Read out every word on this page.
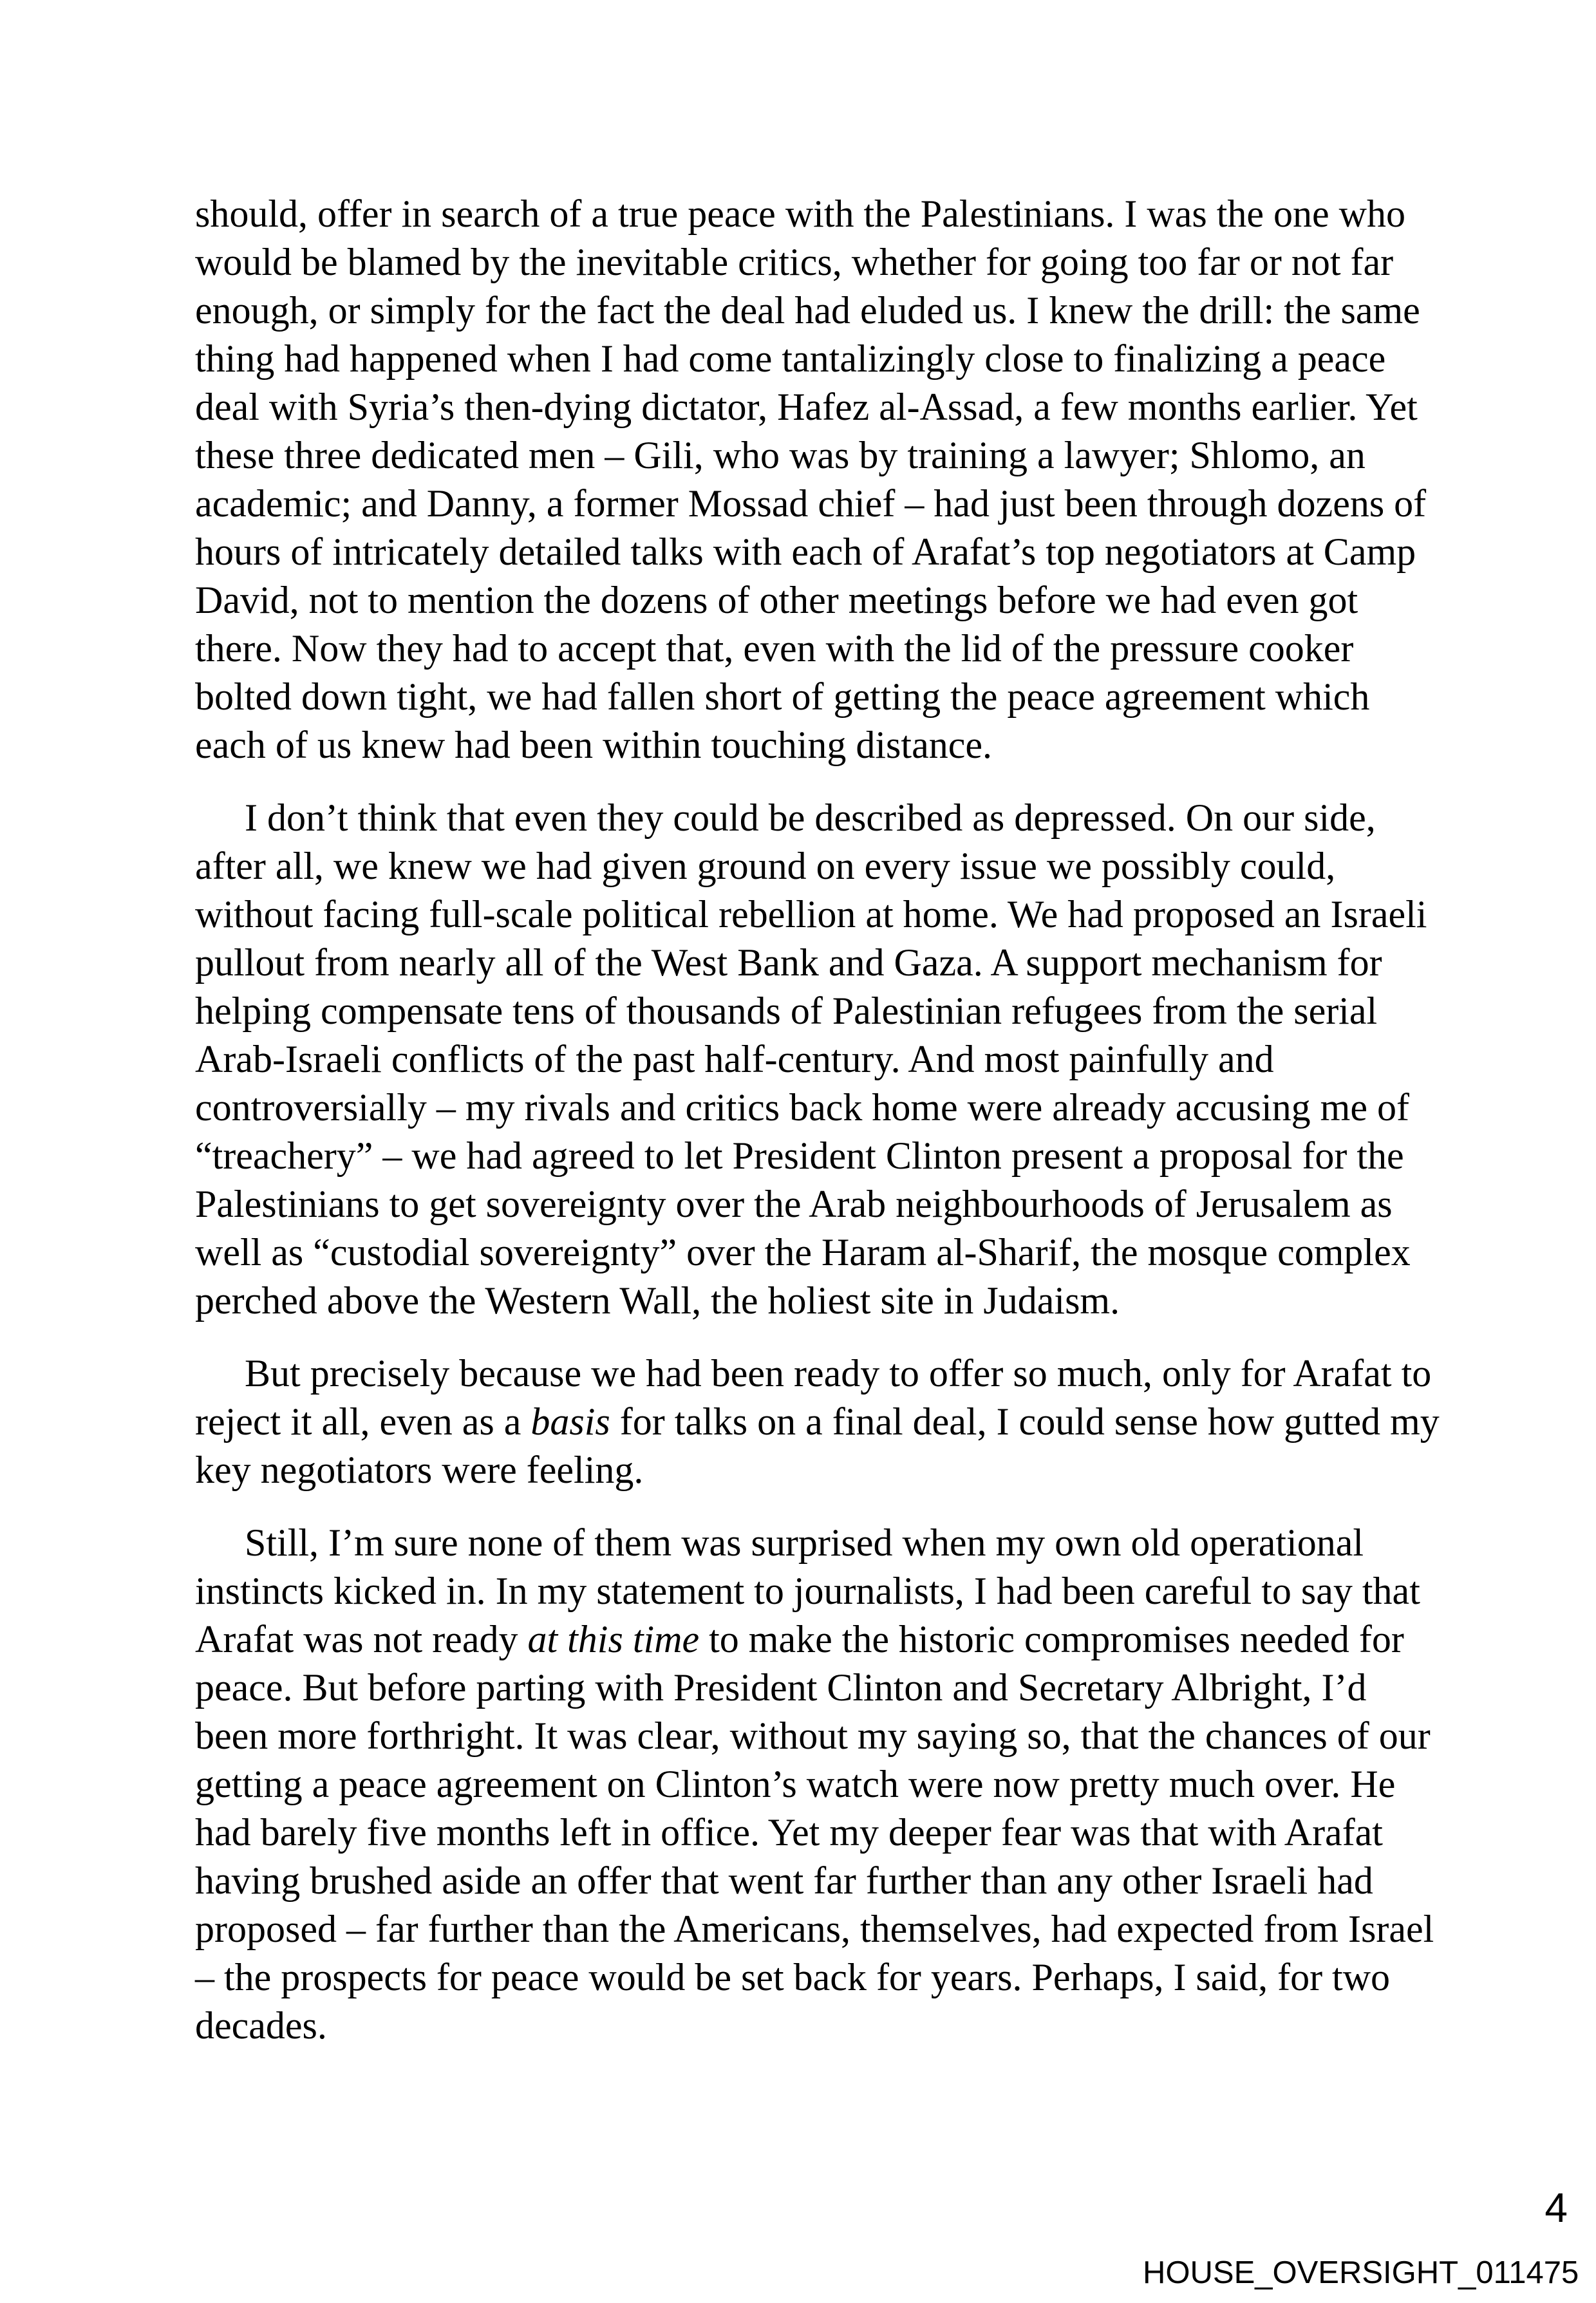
should, offer in search of a true peace with the Palestinians. I was the one who
would be blamed by the inevitable critics, whether for going too far or not far
enough, or simply for the fact the deal had eluded us. I knew the drill: the same
thing had happened when I had come tantalizingly close to finalizing a peace
deal with Syria’s then-dying dictator, Hafez al-Assad, a few months earlier. Yet
these three dedicated men – Gili, who was by training a lawyer; Shlomo, an
academic; and Danny, a former Mossad chief – had just been through dozens of
hours of intricately detailed talks with each of Arafat’s top negotiators at Camp
David, not to mention the dozens of other meetings before we had even got
there. Now they had to accept that, even with the lid of the pressure cooker
bolted down tight, we had fallen short of getting the peace agreement which
each of us knew had been within touching distance.
I don’t think that even they could be described as depressed. On our side,
after all, we knew we had given ground on every issue we possibly could,
without facing full-scale political rebellion at home. We had proposed an Israeli
pullout from nearly all of the West Bank and Gaza. A support mechanism for
helping compensate tens of thousands of Palestinian refugees from the serial
Arab-Israeli conflicts of the past half-century. And most painfully and
controversially – my rivals and critics back home were already accusing me of
“treachery” – we had agreed to let President Clinton present a proposal for the
Palestinians to get sovereignty over the Arab neighbourhoods of Jerusalem as
well as “custodial sovereignty” over the Haram al-Sharif, the mosque complex
perched above the Western Wall, the holiest site in Judaism.
But precisely because we had been ready to offer so much, only for Arafat to
reject it all, even as a basis for talks on a final deal, I could sense how gutted my
key negotiators were feeling.
Still, I’m sure none of them was surprised when my own old operational
instincts kicked in. In my statement to journalists, I had been careful to say that
Arafat was not ready at this time to make the historic compromises needed for
peace. But before parting with President Clinton and Secretary Albright, I’d
been more forthright. It was clear, without my saying so, that the chances of our
getting a peace agreement on Clinton’s watch were now pretty much over. He
had barely five months left in office. Yet my deeper fear was that with Arafat
having brushed aside an offer that went far further than any other Israeli had
proposed – far further than the Americans, themselves, had expected from Israel
– the prospects for peace would be set back for years. Perhaps, I said, for two
decades.
4
HOUSE_OVERSIGHT_011475
